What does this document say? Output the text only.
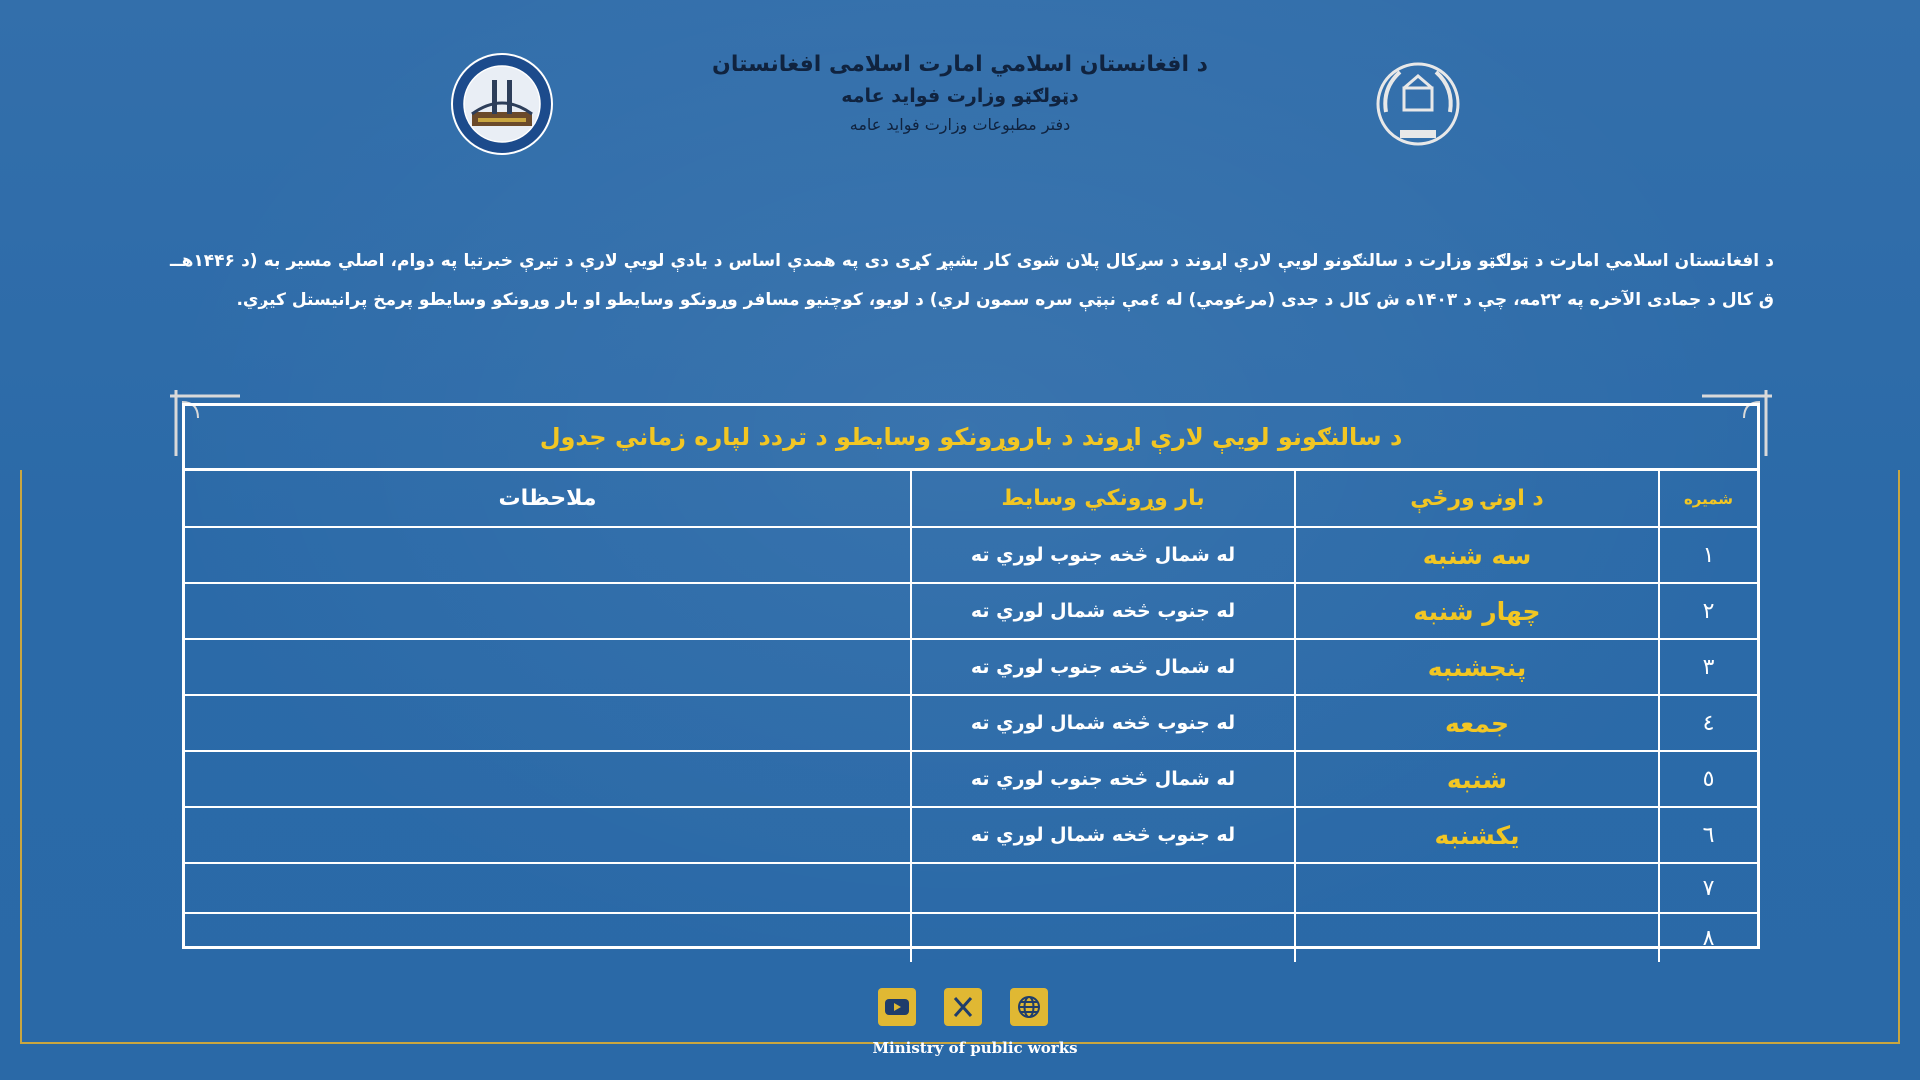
د افغانستان اسلامي امارت اسلامی افغانستان
دټولګټو وزارت فواید عامه
دفتر مطبوعات وزارت فواید عامه
د افغانستان اسلامي امارت د ټولګټو وزارت د سالنګونو لویې لارې اړوند د سږکال پلان شوی کار بشپړ کړی دی په همدې اساس د یادې لویې لارې د تیرې خبرتیا په دوام، اصلي مسیر به (د ۱۴۴۶هــ ق کال د جمادی الآخره په ۲۲مه، چې د ۱۴۰۳ه ش کال د جدی (مرغومي) له ٤مې نېټې سره سمون لري) د لویو، کوچنیو مسافر وړونکو وسایطو او بار وړونکو وسایطو پرمخ پرانیستل کیږي.
د سالنګونو لویې لارې اړوند د باروړونکو وسایطو د تردد لپاره زماني جدول
شمیره	د اونۍ ورځې	بار وړونکي وسایط	ملاحظات
١	سه شنبه	له شمال څخه جنوب لوري ته	
٢	چهار شنبه	له جنوب څخه شمال لوري ته	
٣	پنجشنبه	له شمال څخه جنوب لوري ته	
٤	جمعه	له جنوب څخه شمال لوري ته	
٥	شنبه	له شمال څخه جنوب لوري ته	
٦	یکشنبه	له جنوب څخه شمال لوري ته	
٧			
٨			
Ministry of public works
